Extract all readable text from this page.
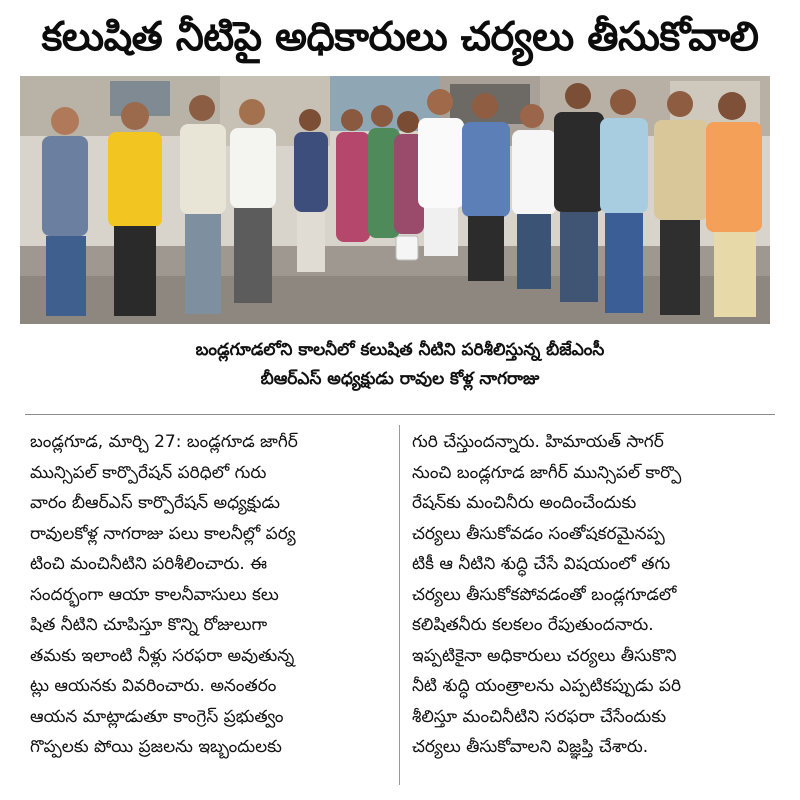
కలుషిత నీటిపై అధికారులు చర్యలు తీసుకోవాలి
బండ్లగూడలోని కాలనీలో కలుషిత నీటిని పరిశీలిస్తున్న బీజేఎంసీ
బీఆర్ఎస్ అధ్యక్షుడు రావుల కోళ్ల నాగరాజు
బండ్లగూడ, మార్చి 27: బండ్లగూడ జాగీర్
మున్సిపల్ కార్పొరేషన్ పరిధిలో గురు
వారం బీఆర్ఎస్ కార్పొరేషన్ అధ్యక్షుడు
రావులకోళ్ల నాగరాజు పలు కాలనీల్లో పర్య
టించి మంచినీటిని పరిశీలించారు. ఈ
సందర్భంగా ఆయా కాలనీవాసులు కలు
షిత నీటిని చూపిస్తూ కొన్ని రోజులుగా
తమకు ఇలాంటి నీళ్లు సరఫరా అవుతున్న
ట్లు ఆయనకు వివరించారు. అనంతరం
ఆయన మాట్లాడుతూ కాంగ్రెస్ ప్రభుత్వం
గొప్పలకు పోయి ప్రజలను ఇబ్బందులకు
గురి చేస్తుందన్నారు. హిమాయత్ సాగర్
నుంచి బండ్లగూడ జాగీర్ మున్సిపల్ కార్పొ
రేషన్‌కు మంచినీరు అందించేందుకు
చర్యలు తీసుకోవడం సంతోషకరమైనప్ప
టికీ ఆ నీటిని శుద్ధి చేసే విషయంలో తగు
చర్యలు తీసుకోకపోవడంతో బండ్లగూడలో
కలిషితనీరు కలకలం రేపుతుందనారు.
ఇప్పటికైనా అధికారులు చర్యలు తీసుకొని
నీటి శుద్ధి యంత్రాలను ఎప్పటికప్పుడు పరి
శీలిస్తూ మంచినీటిని సరఫరా చేసేందుకు
చర్యలు తీసుకోవాలని విజ్ఞప్తి చేశారు.
